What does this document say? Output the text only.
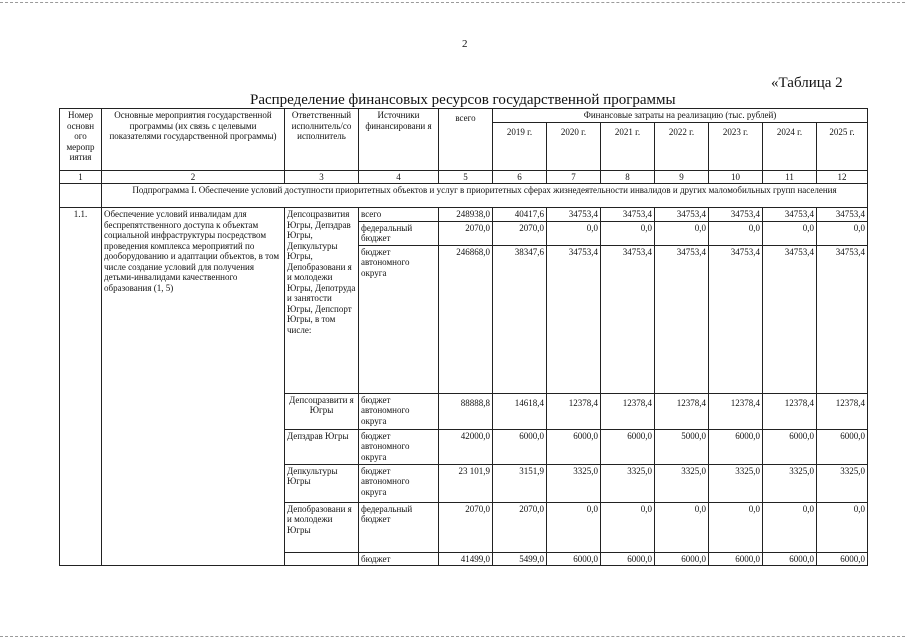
2
«Таблица 2
Распределение финансовых ресурсов государственной программы
Номер основн ого меропр иятия	Основные мероприятия государственной программы (их связь с целевыми показателями государственной программы)	Ответственный исполнитель/со исполнитель	Источники финансировани я	всего	Финансовые затраты на реализацию (тыс. рублей)						
					2019 г.	2020 г.	2021 г.	2022 г.	2023 г.	2024 г.	2025 г.
1	2	3	4	5	6	7	8	9	10	11	12
	Подпрограмма I. Обеспечение условий доступности приоритетных объектов и услуг в приоритетных сферах жизнедеятельности инвалидов и других маломобильных групп населения										
1.1.	Обеспечение условий инвалидам для беспрепятственного доступа к объектам социальной инфраструктуры посредством проведения комплекса мероприятий по дооборудованию и адаптации объектов, в том числе создание условий для получения детьми-инвалидами качественного образования (1, 5)	Депсоцразвития Югры, Депздрав Югры, Депкультуры Югры, Депобразовани я и молодежи Югры, Депотруда и занятости Югры, Депспорт Югры, в том числе:	всего	248938,0	40417,6	34753,4	34753,4	34753,4	34753,4	34753,4	34753,4
			федеральный бюджет	2070,0	2070,0	0,0	0,0	0,0	0,0	0,0	0,0
			бюджет автономного округа	246868,0	38347,6	34753,4	34753,4	34753,4	34753,4	34753,4	34753,4
		Депсоцразвити я Югры	бюджет автономного округа	88888,8	14618,4	12378,4	12378,4	12378,4	12378,4	12378,4	12378,4
		Депздрав Югры	бюджет автономного округа	42000,0	6000,0	6000,0	6000,0	5000,0	6000,0	6000,0	6000,0
		Депкультуры Югры	бюджет автономного округа	23 101,9	3151,9	3325,0	3325,0	3325,0	3325,0	3325,0	3325,0
		Депобразовани я и молодежи Югры	федеральный бюджет	2070,0	2070,0	0,0	0,0	0,0	0,0	0,0	0,0
			бюджет	41499,0	5499,0	6000,0	6000,0	6000,0	6000,0	6000,0	6000,0
